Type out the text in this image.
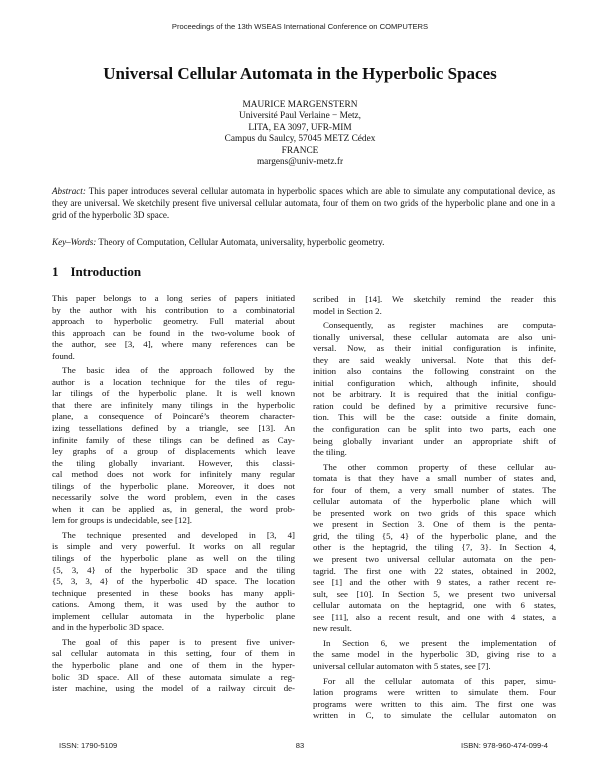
Proceedings of the 13th WSEAS International Conference on COMPUTERS
Universal Cellular Automata in the Hyperbolic Spaces
MAURICE MARGENSTERN
Université Paul Verlaine − Metz,
LITA, EA 3097, UFR-MIM
Campus du Saulcy, 57045 METZ Cédex
FRANCE
margens@univ-metz.fr
Abstract: This paper introduces several cellular automata in hyperbolic spaces which are able to simulate any computational device, as they are universal. We sketchily present five universal cellular automata, four of them on two grids of the hyperbolic plane and one in a grid of the hyperbolic 3D space.
Key–Words: Theory of Computation, Cellular Automata, universality, hyperbolic geometry.
1 Introduction
This paper belongs to a long series of papers initiated
by the author with his contribution to a combinatorial
approach to hyperbolic geometry. Full material about
this approach can be found in the two-volume book of
the author, see [3, 4], where many references can be
found.
The basic idea of the approach followed by the
author is a location technique for the tiles of regu-
lar tilings of the hyperbolic plane. It is well known
that there are infinitely many tilings in the hyperbolic
plane, a consequence of Poincaré’s theorem character-
izing tessellations defined by a triangle, see [13]. An
infinite family of these tilings can be defined as Cay-
ley graphs of a group of displacements which leave
the tiling globally invariant. However, this classi-
cal method does not work for infinitely many regular
tilings of the hyperbolic plane. Moreover, it does not
necessarily solve the word problem, even in the cases
when it can be applied as, in general, the word prob-
lem for groups is undecidable, see [12].
The technique presented and developed in [3, 4]
is simple and very powerful. It works on all regular
tilings of the hyperbolic plane as well on the tiling
{5, 3, 4} of the hyperbolic 3D space and the tiling
{5, 3, 3, 4} of the hyperbolic 4D space. The location
technique presented in these books has many appli-
cations. Among them, it was used by the author to
implement cellular automata in the hyperbolic plane
and in the hyperbolic 3D space.
The goal of this paper is to present five univer-
sal cellular automata in this setting, four of them in
the hyperbolic plane and one of them in the hyper-
bolic 3D space. All of these automata simulate a reg-
ister machine, using the model of a railway circuit de-
scribed in [14]. We sketchily remind the reader this
model in Section 2.
Consequently, as register machines are computa-
tionally universal, these cellular automata are also uni-
versal. Now, as their initial configuration is infinite,
they are said weakly universal. Note that this def-
inition also contains the following constraint on the
initial configuration which, although infinite, should
not be arbitrary. It is required that the initial configu-
ration could be defined by a primitive recursive func-
tion. This will be the case: outside a finite domain,
the configuration can be split into two parts, each one
being globally invariant under an appropriate shift of
the tiling.
The other common property of these cellular au-
tomata is that they have a small number of states and,
for four of them, a very small number of states. The
cellular automata of the hyperbolic plane which will
be presented work on two grids of this space which
we present in Section 3. One of them is the penta-
grid, the tiling {5, 4} of the hyperbolic plane, and the
other is the heptagrid, the tiling {7, 3}. In Section 4,
we present two universal cellular automata on the pen-
tagrid. The first one with 22 states, obtained in 2002,
see [1] and the other with 9 states, a rather recent re-
sult, see [10]. In Section 5, we present two universal
cellular automata on the heptagrid, one with 6 states,
see [11], also a recent result, and one with 4 states, a
new result.
In Section 6, we present the implementation of
the same model in the hyperbolic 3D, giving rise to a
universal cellular automaton with 5 states, see [7].
For all the cellular automata of this paper, simu-
lation programs were written to simulate them. Four
programs were written to this aim. The first one was
written in C, to simulate the cellular automaton on
ISSN: 1790-5109	83	ISBN: 978-960-474-099-4
